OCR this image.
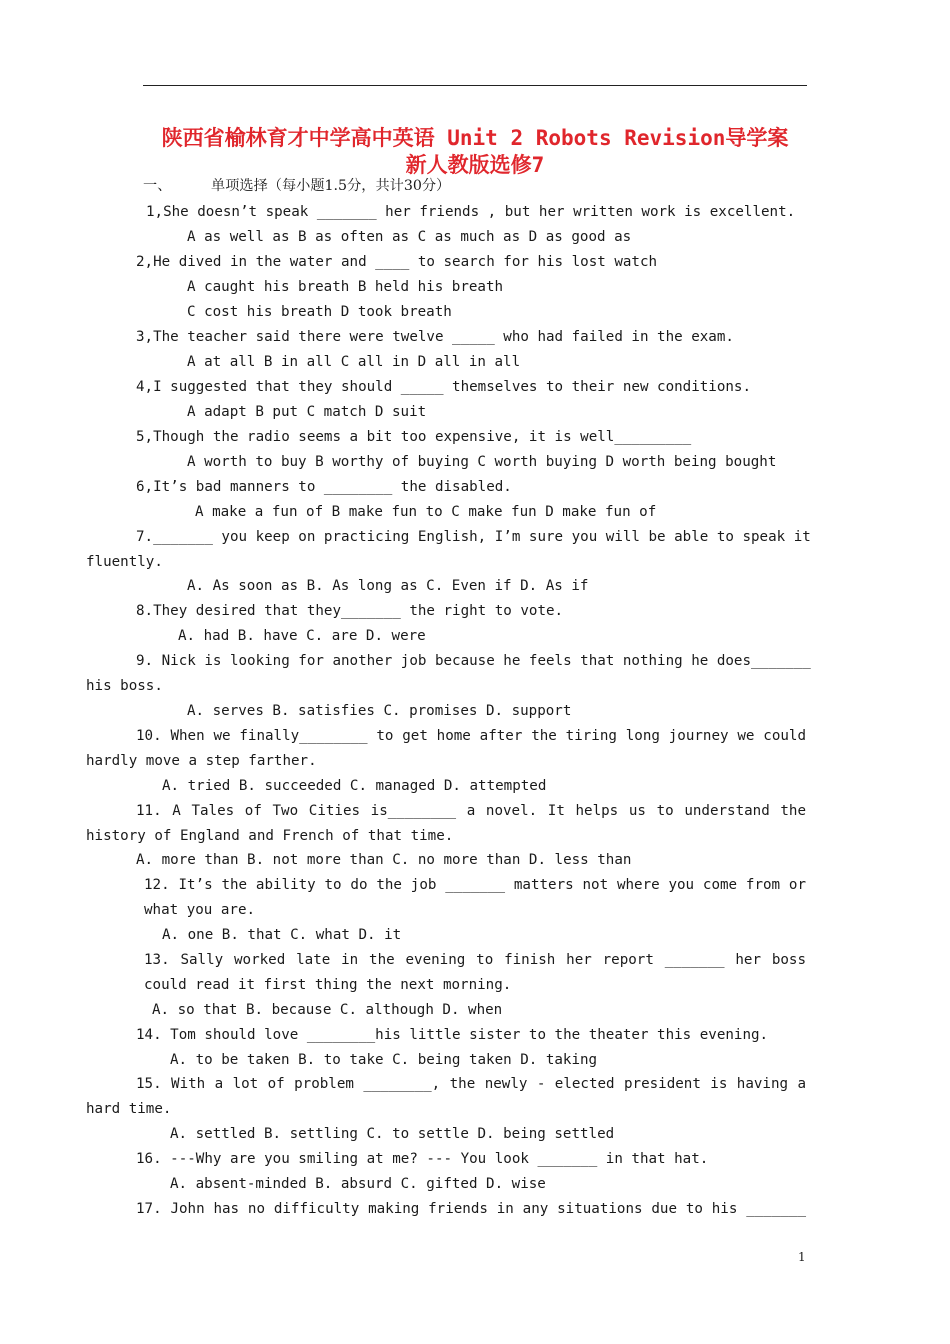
陕西省榆林育才中学高中英语 Unit 2 Robots Revision导学案
新人教版选修7
一、	单项选择（每小题1.5分，共计30分）
1,She doesn’t speak _______ her friends , but her written work is excellent.
A as well as B as often as C as much as D as good as
2,He dived in the water and ____ to search for his lost watch
A caught his breath B held his breath
C cost his breath D took breath
3,The teacher said there were twelve _____ who had failed in the exam.
A at all B in all C all in D all in all
4,I suggested that they should _____ themselves to their new conditions.
A adapt B put C match D suit
5,Though the radio seems a bit too expensive, it is well_________
A worth to buy B worthy of buying C worth buying D worth being bought
6,It’s bad manners to ________ the disabled.
A make a fun of B make fun to C make fun D make fun of
7._______ you keep on practicing English, I’m sure you will be able to speak it
fluently.
A. As soon as B. As long as C. Even if D. As if
8.They desired that they_______ the right to vote.
A. had B. have C. are D. were
9. Nick is looking for another job because he feels that nothing he does_______
his boss.
A. serves B. satisfies C. promises D. support
10. When we finally________ to get home after the tiring long journey we could
hardly move a step farther.
A. tried B. succeeded C. managed D. attempted
11. A Tales of Two Cities is________ a novel. It helps us to understand the
history of England and French of that time.
A. more than B. not more than C. no more than D. less than
12. It’s the ability to do the job _______ matters not where you come from or
what you are.
A. one B. that C. what D. it
13. Sally worked late in the evening to finish her report _______ her boss
could read it first thing the next morning.
A. so that B. because C. although D. when
14. Tom should love ________his little sister to the theater this evening.
A. to be taken B. to take C. being taken D. taking
15. With a lot of problem ________, the newly - elected president is having a
hard time.
A. settled B. settling C. to settle D. being settled
16. ---Why are you smiling at me? --- You look _______ in that hat.
A. absent-minded B. absurd C. gifted D. wise
17. John has no difficulty making friends in any situations due to his _______
1
